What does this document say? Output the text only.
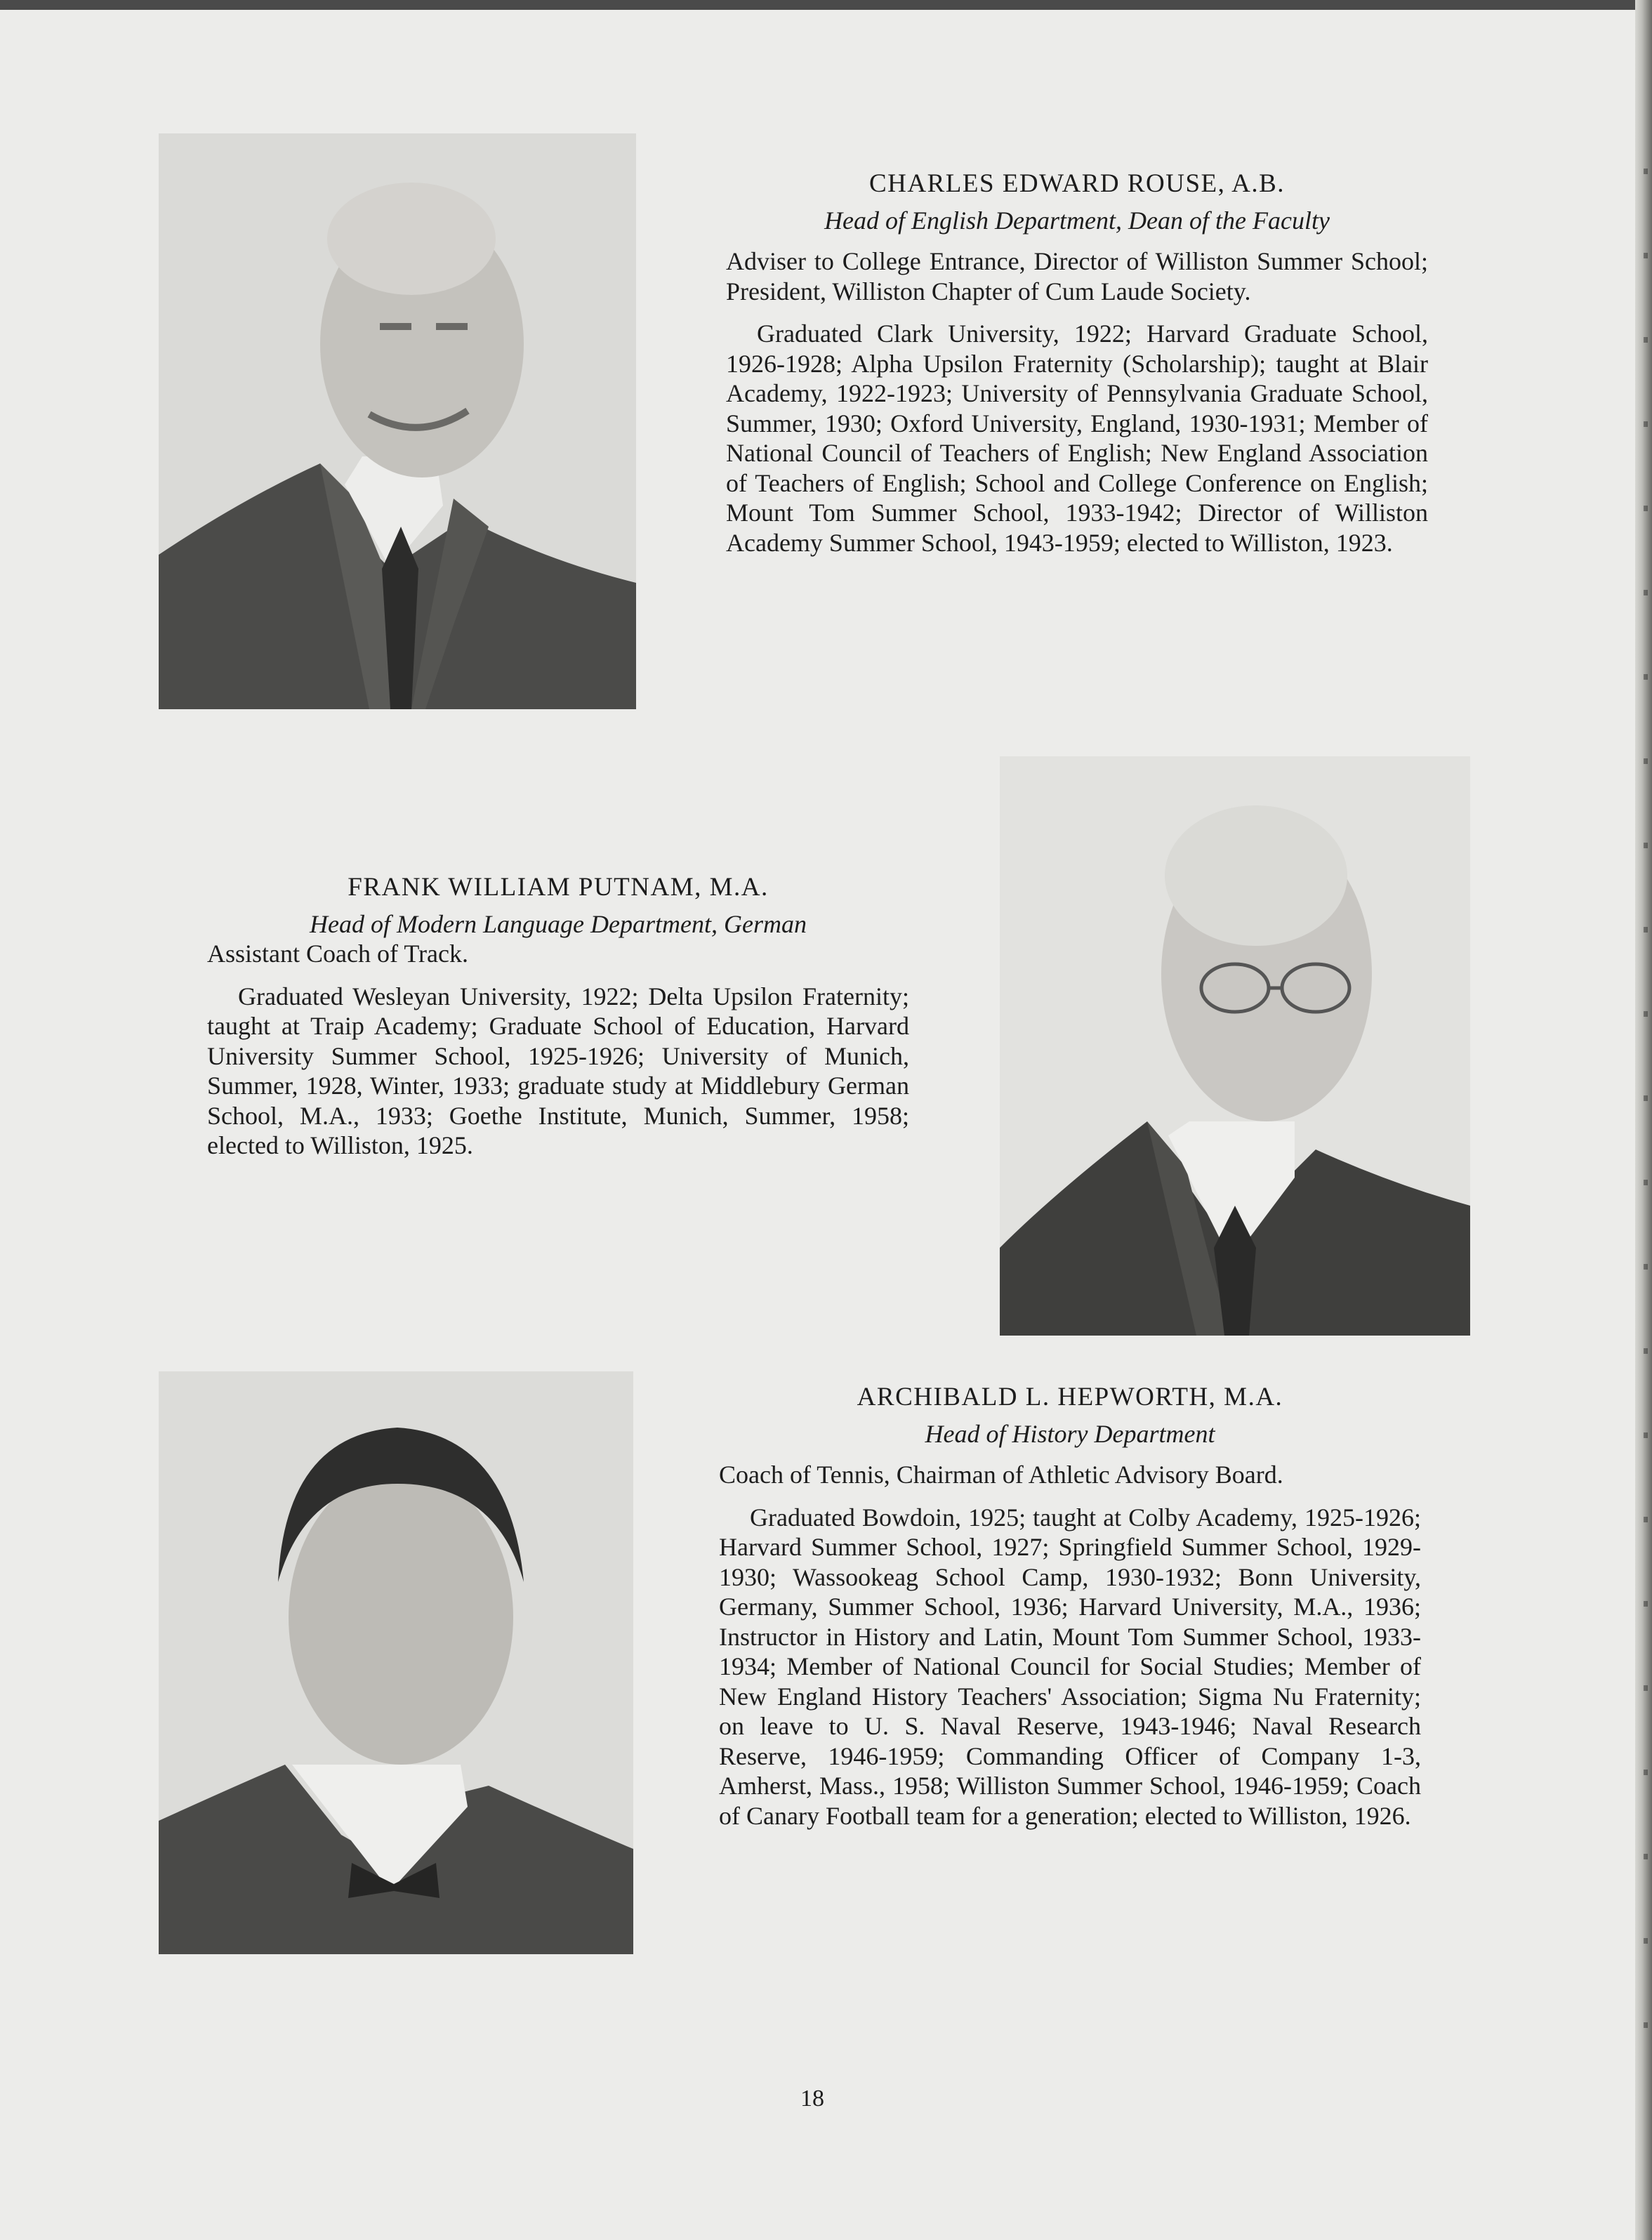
CHARLES EDWARD ROUSE, A.B.
Head of English Department, Dean of the Faculty
Adviser to College Entrance, Director of Williston Summer School; President, Williston Chapter of Cum Laude Society.
Graduated Clark University, 1922; Harvard Graduate School, 1926-1928; Alpha Upsilon Fraternity (Scholarship); taught at Blair Academy, 1922-1923; University of Pennsylvania Graduate School, Summer, 1930; Oxford University, England, 1930-1931; Member of National Council of Teachers of English; New England Association of Teachers of English; School and College Conference on English; Mount Tom Summer School, 1933-1942; Director of Williston Academy Summer School, 1943-1959; elected to Williston, 1923.
FRANK WILLIAM PUTNAM, M.A.
Head of Modern Language Department, German
Assistant Coach of Track.
Graduated Wesleyan University, 1922; Delta Upsilon Fraternity; taught at Traip Academy; Graduate School of Education, Harvard University Summer School, 1925-1926; University of Munich, Summer, 1928, Winter, 1933; graduate study at Middlebury German School, M.A., 1933; Goethe Institute, Munich, Summer, 1958; elected to Williston, 1925.
ARCHIBALD L. HEPWORTH, M.A.
Head of History Department
Coach of Tennis, Chairman of Athletic Advisory Board.
Graduated Bowdoin, 1925; taught at Colby Academy, 1925-1926; Harvard Summer School, 1927; Springfield Summer School, 1929-1930; Wassookeag School Camp, 1930-1932; Bonn University, Germany, Summer School, 1936; Harvard University, M.A., 1936; Instructor in History and Latin, Mount Tom Summer School, 1933-1934; Member of National Council for Social Studies; Member of New England History Teachers' Association; Sigma Nu Fraternity; on leave to U. S. Naval Reserve, 1943-1946; Naval Research Reserve, 1946-1959; Commanding Officer of Company 1-3, Amherst, Mass., 1958; Williston Summer School, 1946-1959; Coach of Canary Football team for a generation; elected to Williston, 1926.
18
